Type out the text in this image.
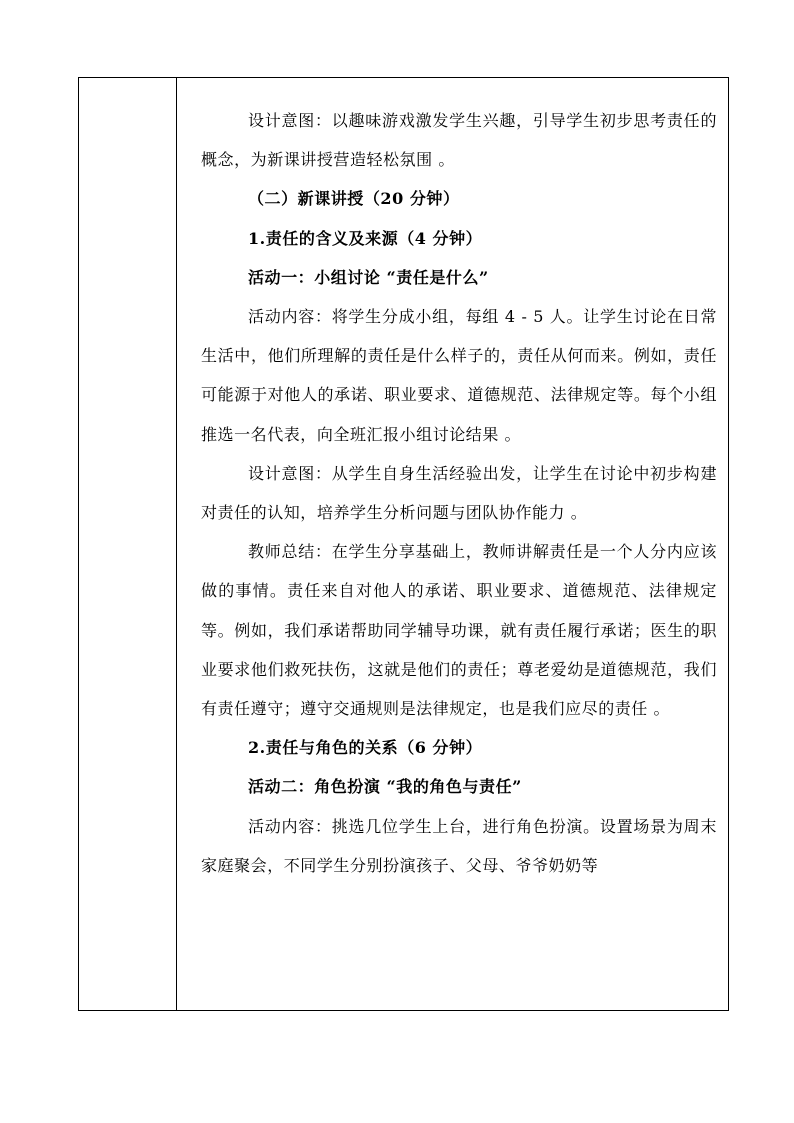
设计意图：以趣味游戏激发学生兴趣，引导学生初步思考责任的概念，为新课讲授营造轻松氛围 。

（二）新课讲授（20 分钟）

1.责任的含义及来源（4 分钟）

活动一：小组讨论 “责任是什么”

活动内容：将学生分成小组，每组 4 - 5 人。让学生讨论在日常生活中，他们所理解的责任是什么样子的，责任从何而来。例如，责任可能源于对他人的承诺、职业要求、道德规范、法律规定等。每个小组推选一名代表，向全班汇报小组讨论结果 。

设计意图：从学生自身生活经验出发，让学生在讨论中初步构建对责任的认知，培养学生分析问题与团队协作能力 。

教师总结：在学生分享基础上，教师讲解责任是一个人分内应该做的事情。责任来自对他人的承诺、职业要求、道德规范、法律规定等。例如，我们承诺帮助同学辅导功课，就有责任履行承诺；医生的职业要求他们救死扶伤，这就是他们的责任；尊老爱幼是道德规范，我们有责任遵守；遵守交通规则是法律规定，也是我们应尽的责任 。

2.责任与角色的关系（6 分钟）

活动二：角色扮演 “我的角色与责任”

活动内容：挑选几位学生上台，进行角色扮演。设置场景为周末家庭聚会，不同学生分别扮演孩子、父母、爷爷奶奶等
